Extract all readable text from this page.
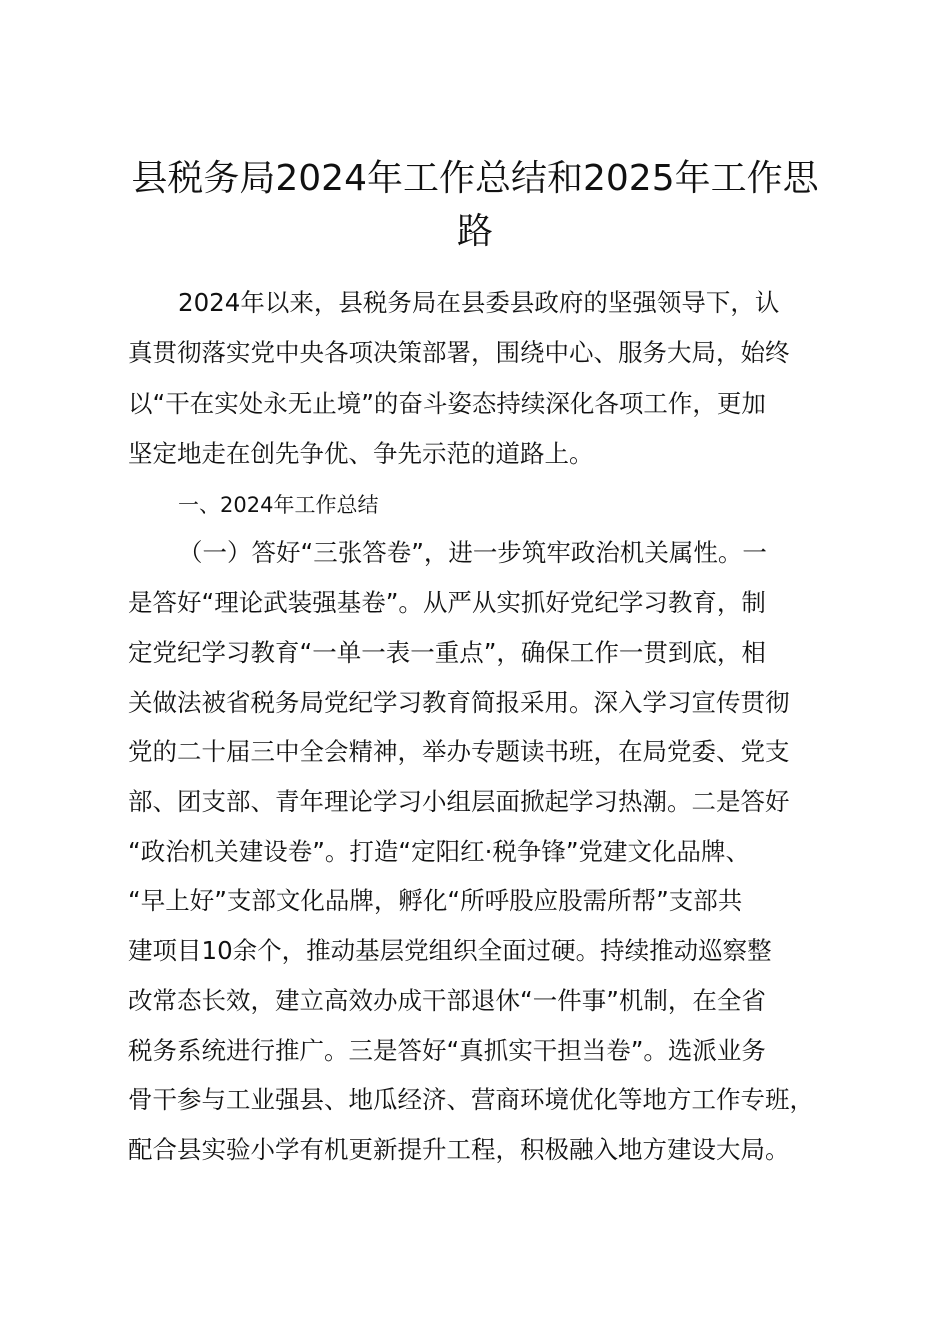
县税务局2024年工作总结和2025年工作思
路

2024年以来，县税务局在县委县政府的坚强领导下，认

真贯彻落实党中央各项决策部署，围绕中心、服务大局，始终

以“干在实处永无止境”的奋斗姿态持续深化各项工作，更加

坚定地走在创先争优、争先示范的道路上。

一、2024年工作总结

（一）答好“三张答卷”，进一步筑牢政治机关属性。一

是答好“理论武装强基卷”。从严从实抓好党纪学习教育，制

定党纪学习教育“一单一表一重点”，确保工作一贯到底，相

关做法被省税务局党纪学习教育简报采用。深入学习宣传贯彻

党的二十届三中全会精神，举办专题读书班，在局党委、党支

部、团支部、青年理论学习小组层面掀起学习热潮。二是答好

“政治机关建设卷”。打造“定阳红·税争锋”党建文化品牌、

“早上好”支部文化品牌，孵化“所呼股应股需所帮”支部共

建项目10余个，推动基层党组织全面过硬。持续推动巡察整

改常态长效，建立高效办成干部退休“一件事”机制，在全省

税务系统进行推广。三是答好“真抓实干担当卷”。选派业务

骨干参与工业强县、地瓜经济、营商环境优化等地方工作专班，

配合县实验小学有机更新提升工程，积极融入地方建设大局。
